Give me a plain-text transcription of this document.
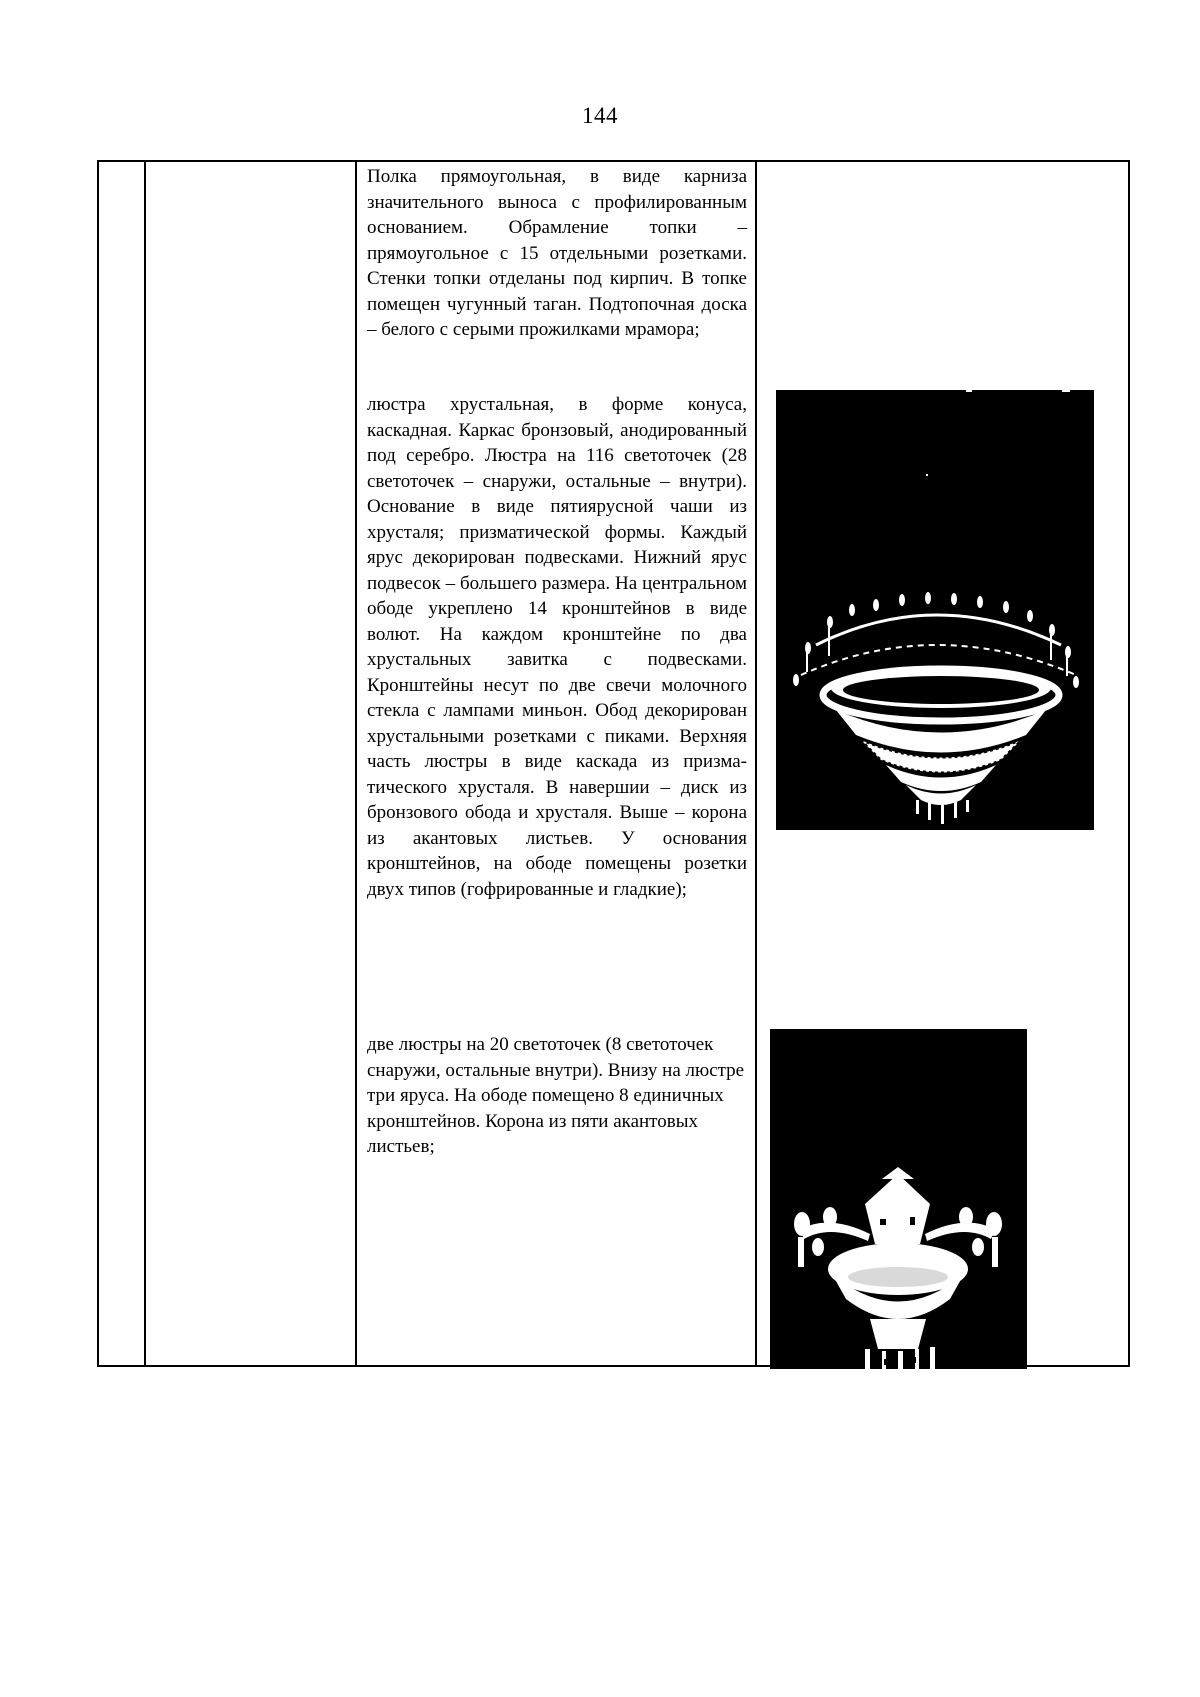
144
Полка прямоугольная, в виде карниза значительного выноса с профилированным основанием. Обрамление топки – прямоугольное с 15 отдельными розетками. Стенки топки отделаны под кирпич. В топке помещен чугунный таган. Подтопочная доска – белого с серыми прожилками мрамора;
люстра хрустальная, в форме конуса, каскадная. Каркас бронзовый, анодированный под серебро. Люстра на 116 светоточек (28 светоточек – снаружи, остальные – внутри). Основание в виде пятиярусной чаши из хрусталя; призматической формы. Каждый ярус декорирован подвесками. Нижний ярус подвесок – большего размера. На центральном ободе укреплено 14 кронштейнов в виде волют. На каждом кронштейне по два хрустальных завитка с подвесками. Кронштейны несут по две свечи молочного стекла с лампами миньон. Обод декорирован хрустальными розетками с пиками. Верхняя часть люстры в виде каскада из призма-тического хрусталя. В навершии – диск из бронзового обода и хрусталя. Выше – корона из акантовых листьев. У основания кронштейнов, на ободе помещены розетки двух типов (гофрированные и гладкие);
две люстры на 20 светоточек (8 светоточек снаружи, остальные внутри). Внизу на люстре три яруса. На ободе помещено 8 единичных кронштейнов. Корона из пяти акантовых листьев;
